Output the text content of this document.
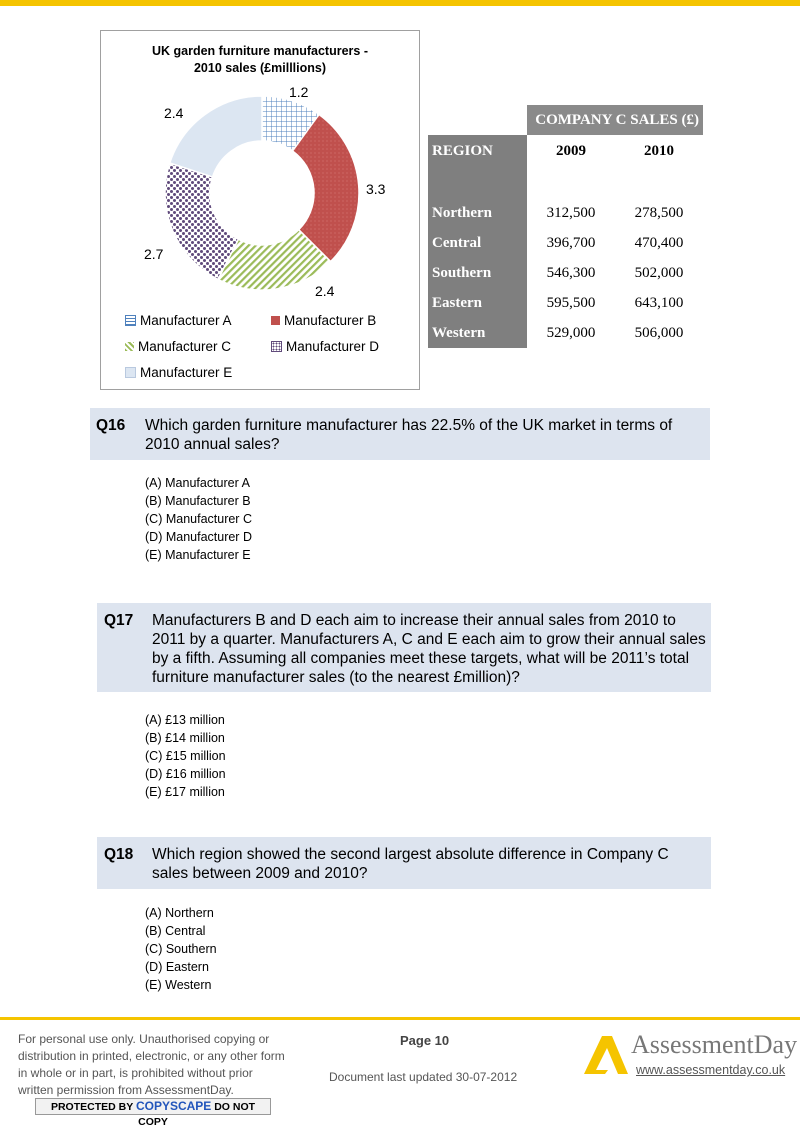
UK garden furniture manufacturers -
2010 sales (£milllions)
1.2
3.3
2.4
2.7
2.4
Manufacturer A	Manufacturer B
Manufacturer C	Manufacturer D
Manufacturer E
	COMPANY C SALES (£)	
REGION	2009	2010

Northern	312,500	278,500
Central	396,700	470,400
Southern	546,300	502,000
Eastern	595,500	643,100
Western	529,000	506,000
Q16 Which garden furniture manufacturer has 22.5% of the UK market in terms of 2010 annual sales?
(A) Manufacturer A
(B) Manufacturer B
(C) Manufacturer C
(D) Manufacturer D
(E) Manufacturer E
Q17 Manufacturers B and D each aim to increase their annual sales from 2010 to 2011 by a quarter. Manufacturers A, C and E each aim to grow their annual sales by a fifth. Assuming all companies meet these targets, what will be 2011’s total furniture manufacturer sales (to the nearest £million)?
(A) £13 million
(B) £14 million
(C) £15 million
(D) £16 million
(E) £17 million
Q18 Which region showed the second largest absolute difference in Company C sales between 2009 and 2010?
(A) Northern
(B) Central
(C) Southern
(D) Eastern
(E) Western
For personal use only. Unauthorised copying or distribution in printed, electronic, or any other form in whole or in part, is prohibited without prior written permission from AssessmentDay.
PROTECTED BY COPYSCAPE DO NOT COPY
Page 10
Document last updated 30-07-2012
AssessmentDay
www.assessmentday.co.uk
